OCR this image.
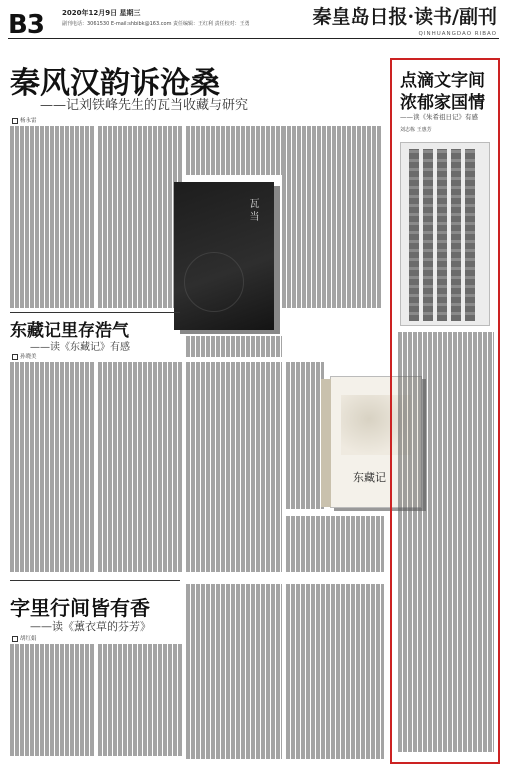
B3	2020年12月9日 星期三
副刊电话：3061530 E-mail:shbibk@163.com 责任编辑：王红利 责任校对：王勇	秦皇岛日报·读书/副刊
QINHUANGDAO RIBAO
秦风汉韵诉沧桑
——记刘铁峰先生的瓦当收藏与研究
杨永雷
瓦当
东藏记里存浩气
——读《东藏记》有感
孙晓美
东藏记
字里行间皆有香
——读《薰衣草的芬芳》
胡红娟
点滴文字间
浓郁家国情
——读《朱希祖日记》有感
刘志栋 王惠芳
